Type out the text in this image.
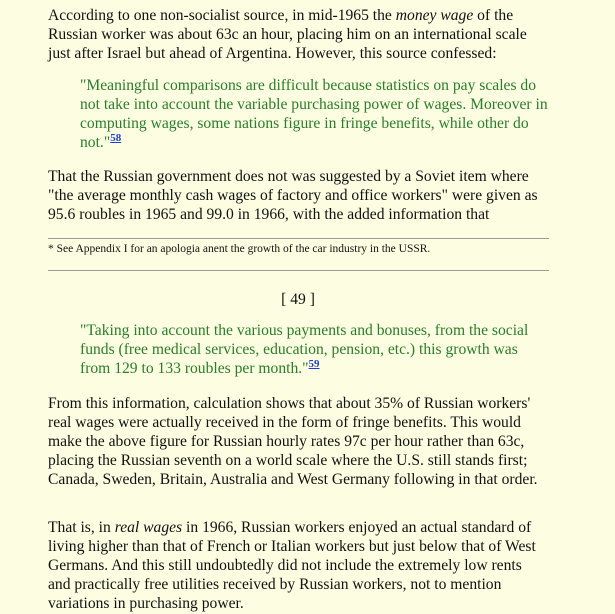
According to one non-socialist source, in mid-1965 the money wage of the Russian worker was about 63c an hour, placing him on an international scale just after Israel but ahead of Argentina. However, this source confessed:

"Meaningful comparisons are difficult because statistics on pay scales do not take into account the variable purchasing power of wages. Moreover in computing wages, some nations figure in fringe benefits, while other do not."$^{58}$

That the Russian government does not was suggested by a Soviet item where "the average monthly cash wages of factory and office workers" were given as 95.6 roubles in 1965 and 99.0 in 1966, with the added information that

* See Appendix I for an apologia anent the growth of the car industry in the USSR.

[ 49 ]

"Taking into account the various payments and bonuses, from the social funds (free medical services, education, pension, etc.) this growth was from 129 to 133 roubles per month."$^{59}$

From this information, calculation shows that about 35% of Russian workers' real wages were actually received in the form of fringe benefits. This would make the above figure for Russian hourly rates 97c per hour rather than 63c, placing the Russian seventh on a world scale where the U.S. still stands first; Canada, Sweden, Britain, Australia and West Germany following in that order.

That is, in real wages in 1966, Russian workers enjoyed an actual standard of living higher than that of French or Italian workers but just below that of West Germans. And this still undoubtedly did not include the extremely low rents and practically free utilities received by Russian workers, not to mention variations in purchasing power.
